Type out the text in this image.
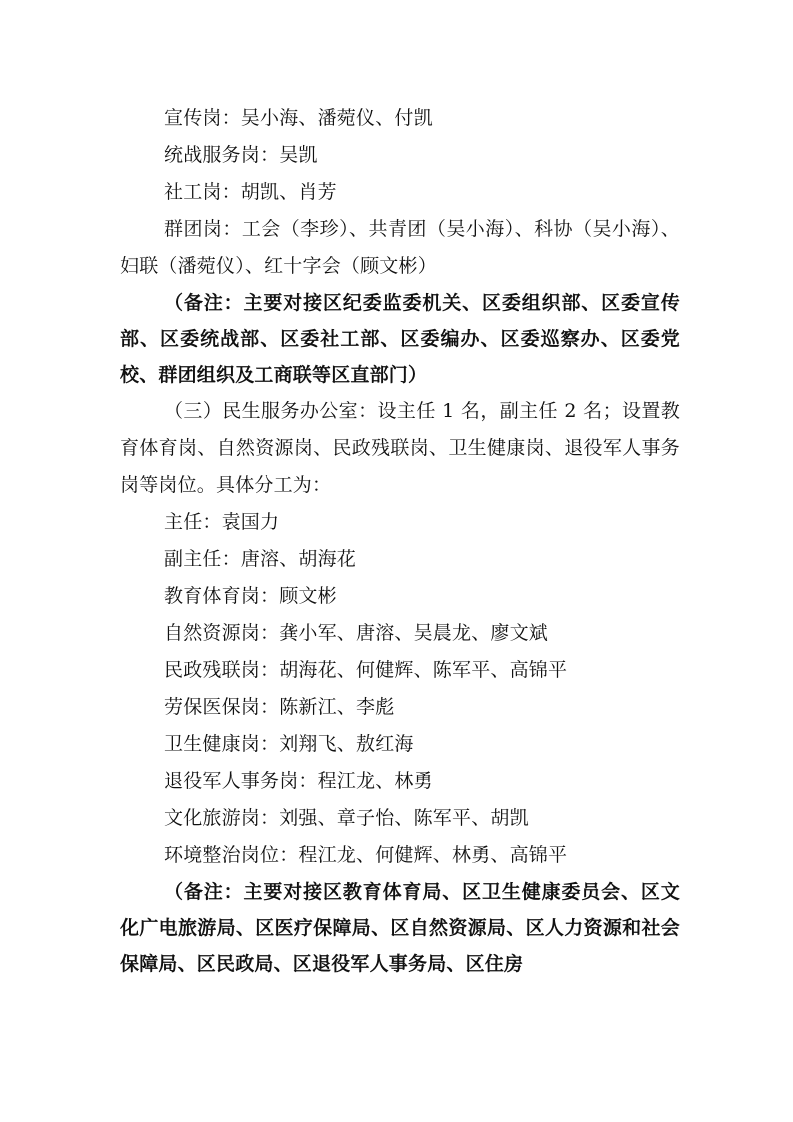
宣传岗：吴小海、潘菀仪、付凯
统战服务岗：吴凯
社工岗：胡凯、肖芳
群团岗：工会（李珍）、共青团（吴小海）、科协（吴小海）、妇联（潘菀仪）、红十字会（顾文彬）
（备注：主要对接区纪委监委机关、区委组织部、区委宣传部、区委统战部、区委社工部、区委编办、区委巡察办、区委党校、群团组织及工商联等区直部门）
（三）民生服务办公室：设主任 1 名，副主任 2 名；设置教育体育岗、自然资源岗、民政残联岗、卫生健康岗、退役军人事务岗等岗位。具体分工为：
主任：袁国力
副主任：唐溶、胡海花
教育体育岗：顾文彬
自然资源岗：龚小军、唐溶、吴晨龙、廖文斌
民政残联岗：胡海花、何健辉、陈军平、高锦平
劳保医保岗：陈新江、李彪
卫生健康岗：刘翔飞、敖红海
退役军人事务岗：程江龙、林勇
文化旅游岗：刘强、章子怡、陈军平、胡凯
环境整治岗位：程江龙、何健辉、林勇、高锦平
（备注：主要对接区教育体育局、区卫生健康委员会、区文化广电旅游局、区医疗保障局、区自然资源局、区人力资源和社会保障局、区民政局、区退役军人事务局、区住房
